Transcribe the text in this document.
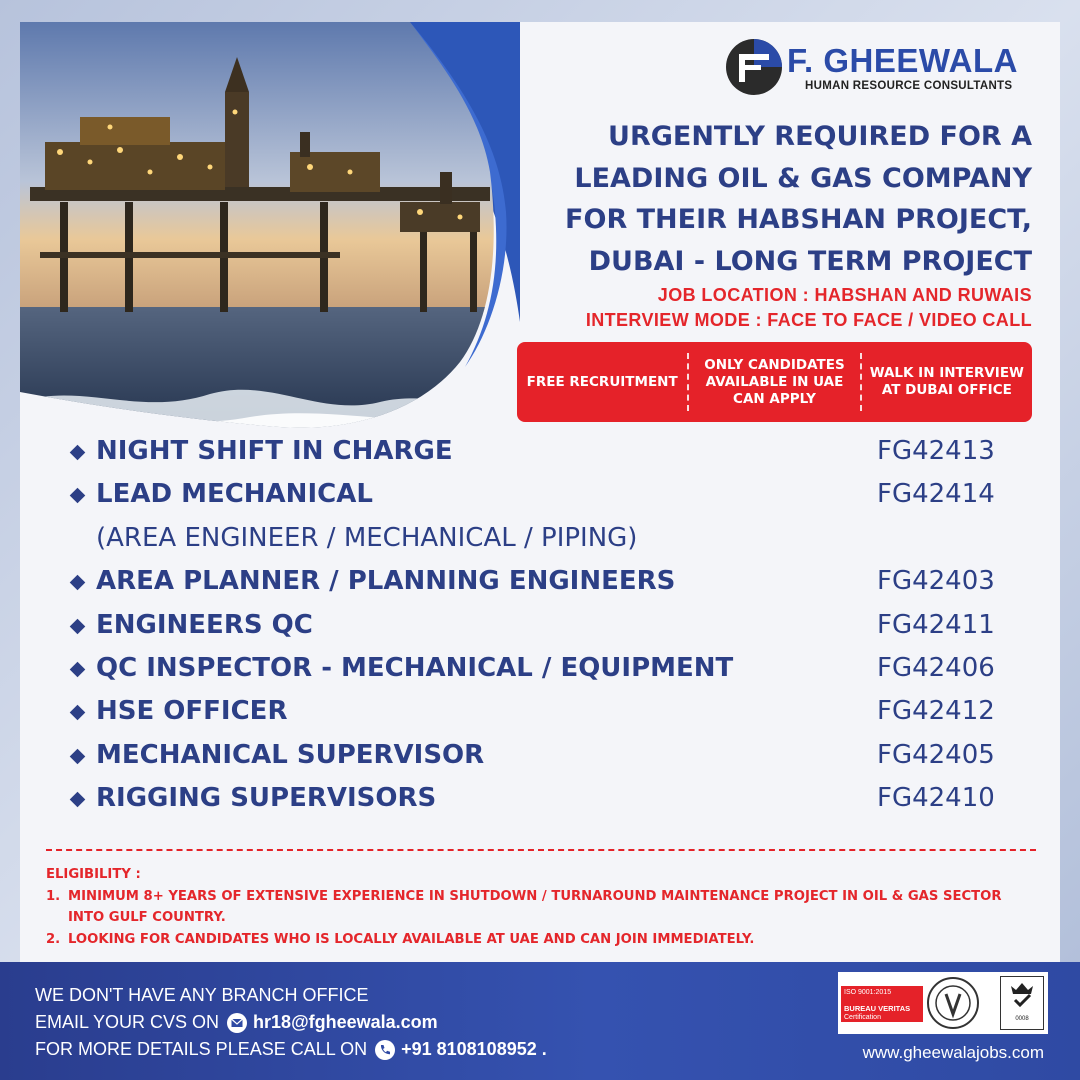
F. GHEEWALA
HUMAN RESOURCE CONSULTANTS
URGENTLY REQUIRED FOR A
LEADING OIL & GAS COMPANY
FOR THEIR HABSHAN PROJECT,
DUBAI - LONG TERM PROJECT
JOB LOCATION : HABSHAN AND RUWAIS
INTERVIEW MODE : FACE TO FACE / VIDEO CALL
FREE RECRUITMENT
ONLY CANDIDATES AVAILABLE IN UAE CAN APPLY
WALK IN INTERVIEW AT DUBAI OFFICE
NIGHT SHIFT IN CHARGE	FG42413
LEAD MECHANICAL	FG42414
(AREA ENGINEER / MECHANICAL / PIPING)
AREA PLANNER / PLANNING ENGINEERS	FG42403
ENGINEERS QC	FG42411
QC INSPECTOR - MECHANICAL / EQUIPMENT	FG42406
HSE OFFICER	FG42412
MECHANICAL SUPERVISOR	FG42405
RIGGING SUPERVISORS	FG42410
ELIGIBILITY :
1. MINIMUM 8+ YEARS OF EXTENSIVE EXPERIENCE IN SHUTDOWN / TURNAROUND MAINTENANCE PROJECT IN OIL & GAS SECTOR INTO GULF COUNTRY.
2. LOOKING FOR CANDIDATES WHO IS LOCALLY AVAILABLE AT UAE AND CAN JOIN IMMEDIATELY.
WE DON'T HAVE ANY BRANCH OFFICE
EMAIL YOUR CVS ON hr18@fgheewala.com
FOR MORE DETAILS PLEASE CALL ON +91 8108108952 .
ISO 9001:2015
BUREAU VERITAS
Certification	0008
www.gheewalajobs.com
